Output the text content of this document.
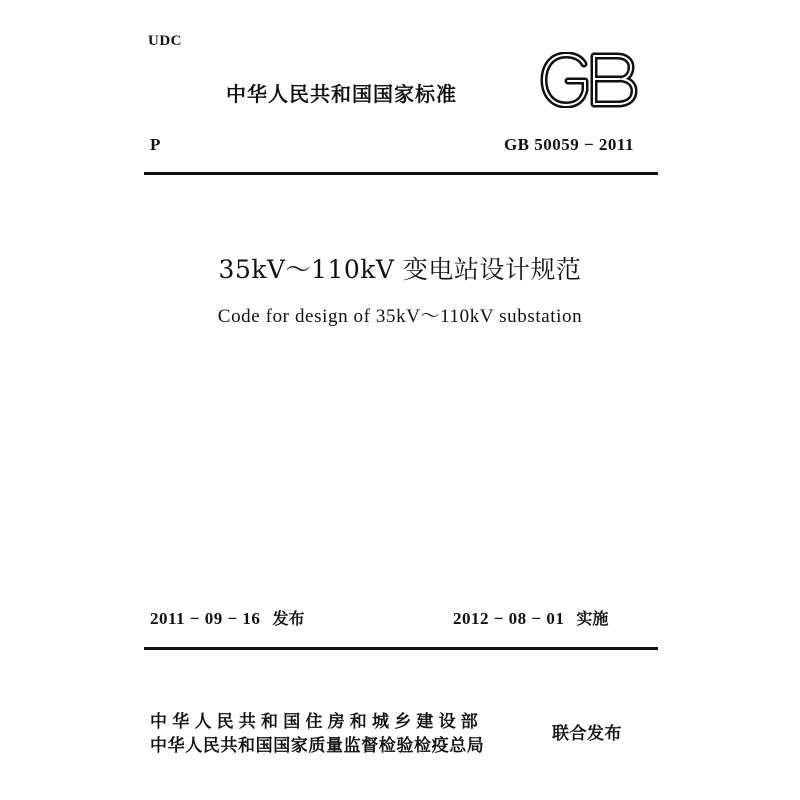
UDC
中华人民共和国国家标准	GB
P	GB 50059 − 2011
35kV～110kV 变电站设计规范
Code for design of 35kV～110kV substation
2011 − 09 − 16 发布	2012 − 08 − 01 实施
中华人民共和国住房和城乡建设部
中华人民共和国国家质量监督检验检疫总局
联合发布
